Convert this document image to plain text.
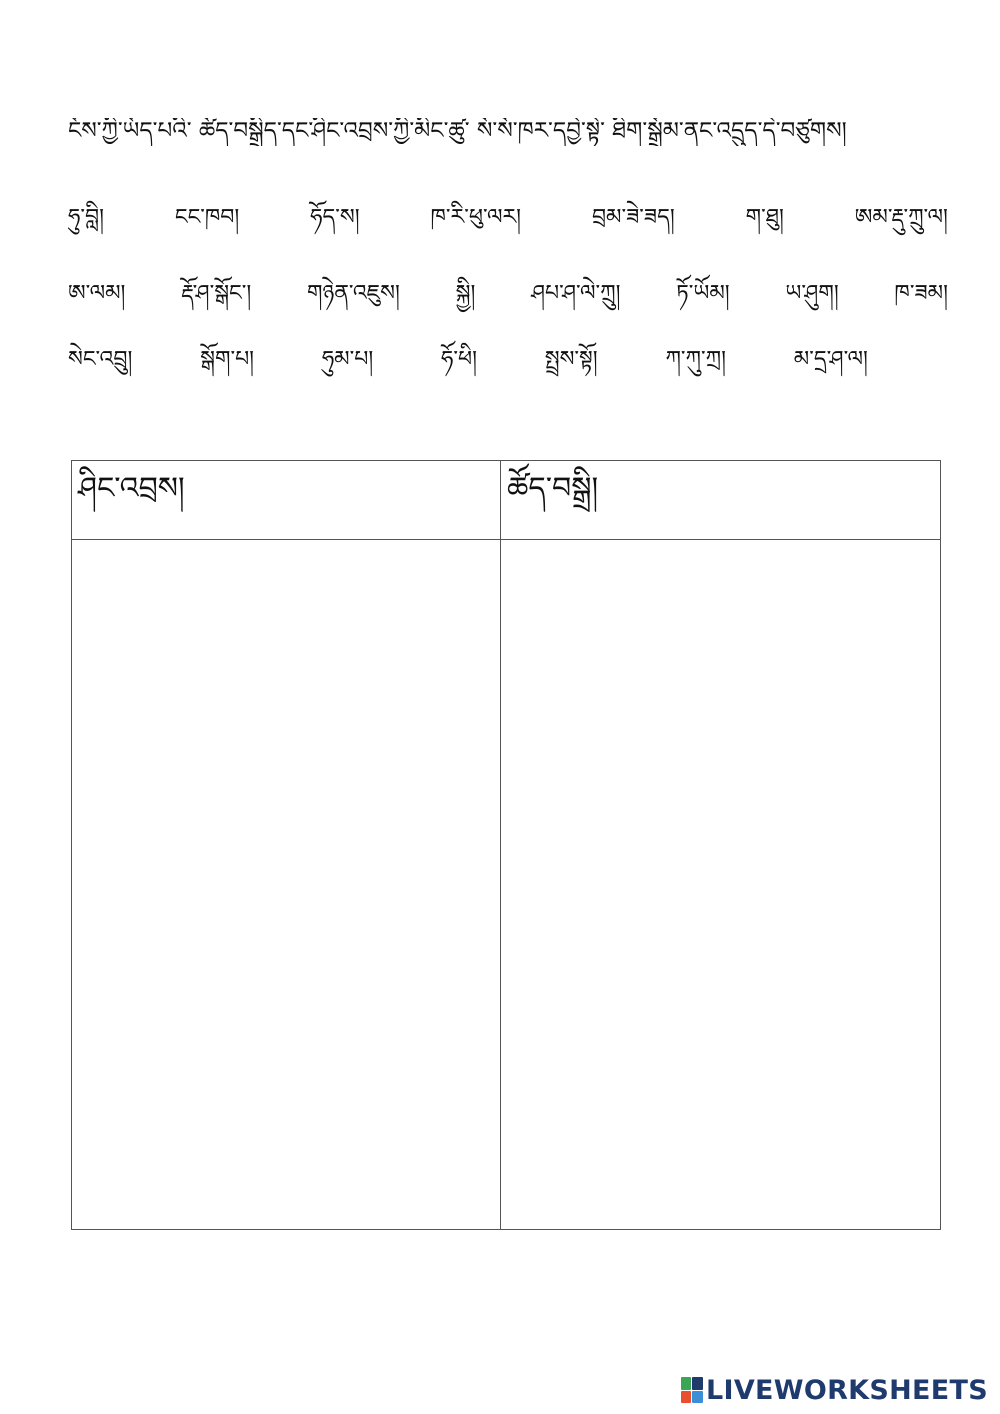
ངོས་ཀྱི་ཡོད་པའི་ ཚོད་བསྒྲིད་དང་ཤིང་འབྲས་ཀྱི་མིང་ཚུ་ སོ་སོ་ཁར་དབྱེ་སྟེ་ ཐིག་སྒྲོམ་ནང་འདྲུད་དེ་བཙུགས།
ཧུ་བླི།	ངང་ཁབ།	ཧོད་ས།	ཁ་རི་ཕུ་ལར།	བྲམ་ཟེ་ཟད།	ག་ཐུ།	ཨམ་རྡུ་ཀྲུ་ལ།
ཨ་ལམ།	རྡོ་ཤ་སྒོང་།	གཉེན་འཇུས།	སྐྱི།	ཤཔ་ཤ་ལེ་ཀྲུ།	ཏོ་ཡོམ།	ཡ་ཤུག།	ཁ་ཟམ།
སེང་འབྲུ།	སྒོག་པ།	ཧུམ་པ།	ཧོ་ཕི།	སྤྲས་སྟོ།	ཀ་ཀུ་ཀྲ།	མ་དྲ་ཤ་ལ།
ཤིང་འབྲས།	ཚོད་བསྒྲི།
LIVEWORKSHEETS
